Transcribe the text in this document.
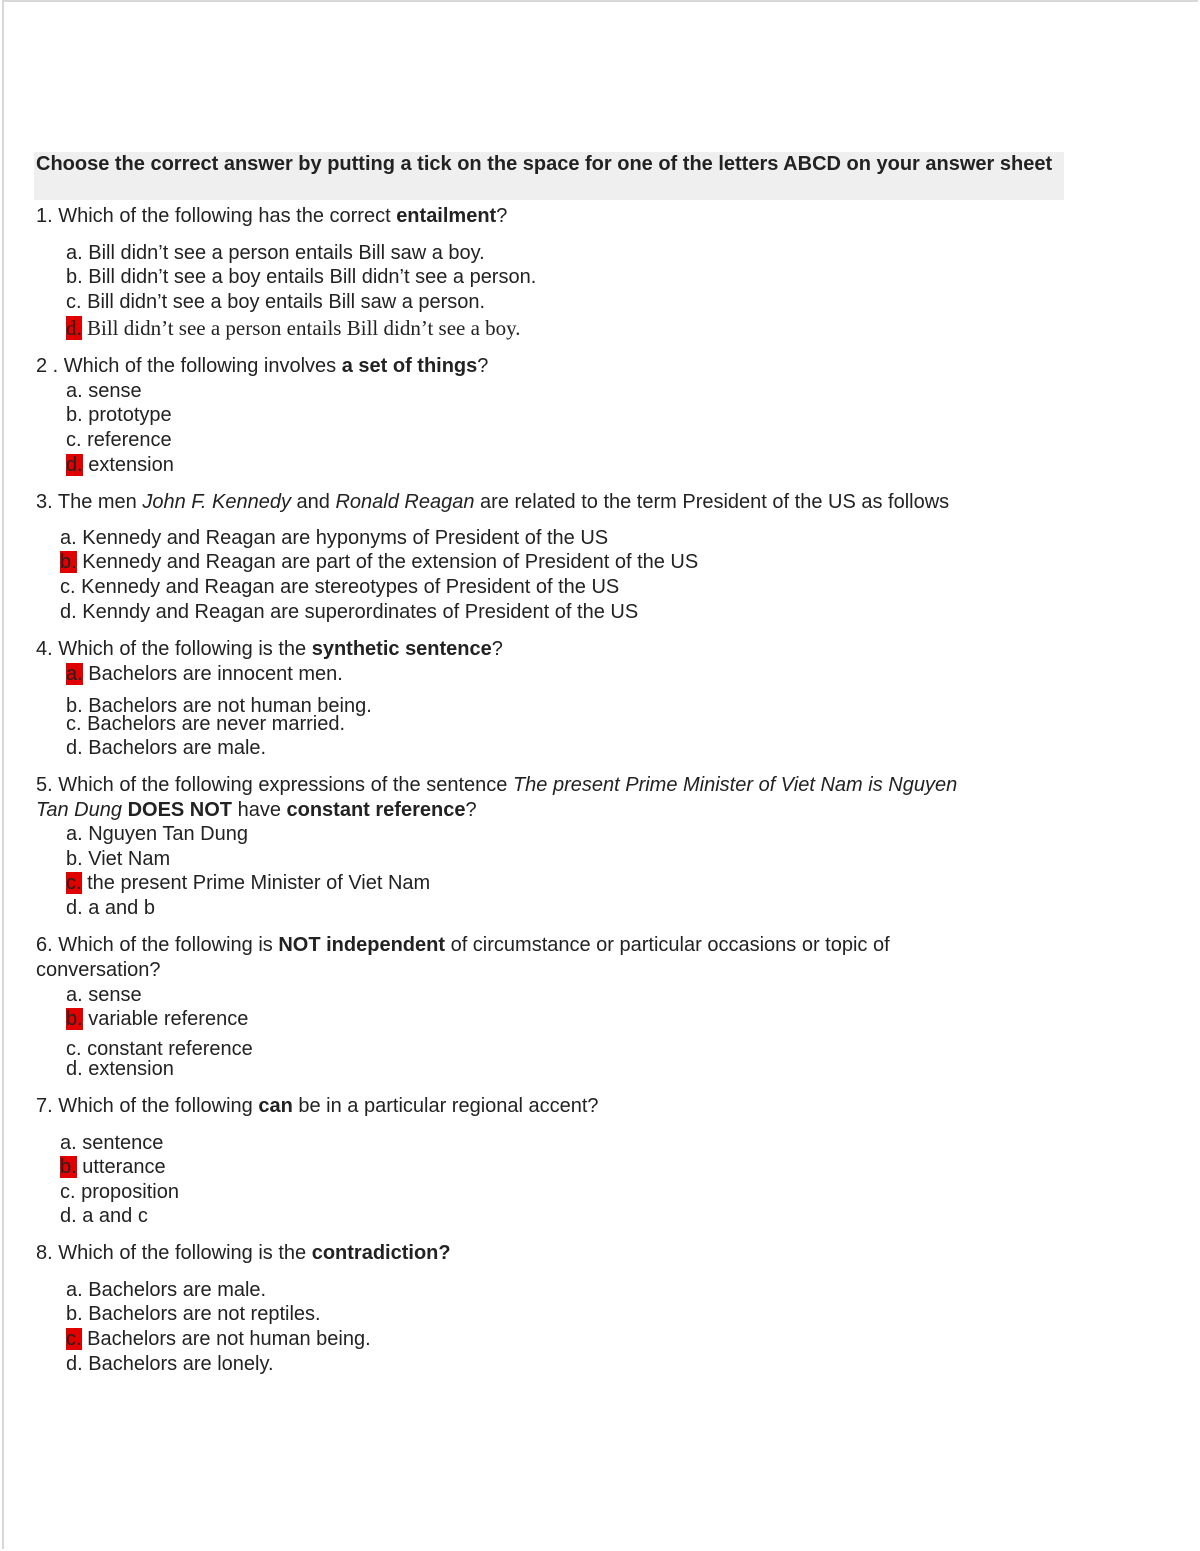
Choose the correct answer by putting a tick on the space for one of the letters ABCD on your answer sheet
1. Which of the following has the correct entailment?
a. Bill didn’t see a person entails Bill saw a boy.
b. Bill didn’t see a boy entails Bill didn’t see a person.
c. Bill didn’t see a boy entails Bill saw a person.
d. Bill didn’t see a person entails Bill didn’t see a boy.
2 . Which of the following involves a set of things?
a. sense
b. prototype
c. reference
d. extension
3. The men John F. Kennedy and Ronald Reagan are related to the term President of the US as follows
a. Kennedy and Reagan are hyponyms of President of the US
b. Kennedy and Reagan are part of the extension of President of the US
c. Kennedy and Reagan are stereotypes of President of the US
d. Kenndy and Reagan are superordinates of President of the US
4. Which of the following is the synthetic sentence?
a. Bachelors are innocent men.
b. Bachelors are not human being.
c. Bachelors are never married.
d. Bachelors are male.
5. Which of the following expressions of the sentence The present Prime Minister of Viet Nam is Nguyen
Tan Dung DOES NOT have constant reference?
a. Nguyen Tan Dung
b. Viet Nam
c. the present Prime Minister of Viet Nam
d. a and b
6. Which of the following is NOT independent of circumstance or particular occasions or topic of
conversation?
a. sense
b. variable reference
c. constant reference
d. extension
7. Which of the following can be in a particular regional accent?
a. sentence
b. utterance
c. proposition
d. a and c
8. Which of the following is the contradiction?
a. Bachelors are male.
b. Bachelors are not reptiles.
c. Bachelors are not human being.
d. Bachelors are lonely.
